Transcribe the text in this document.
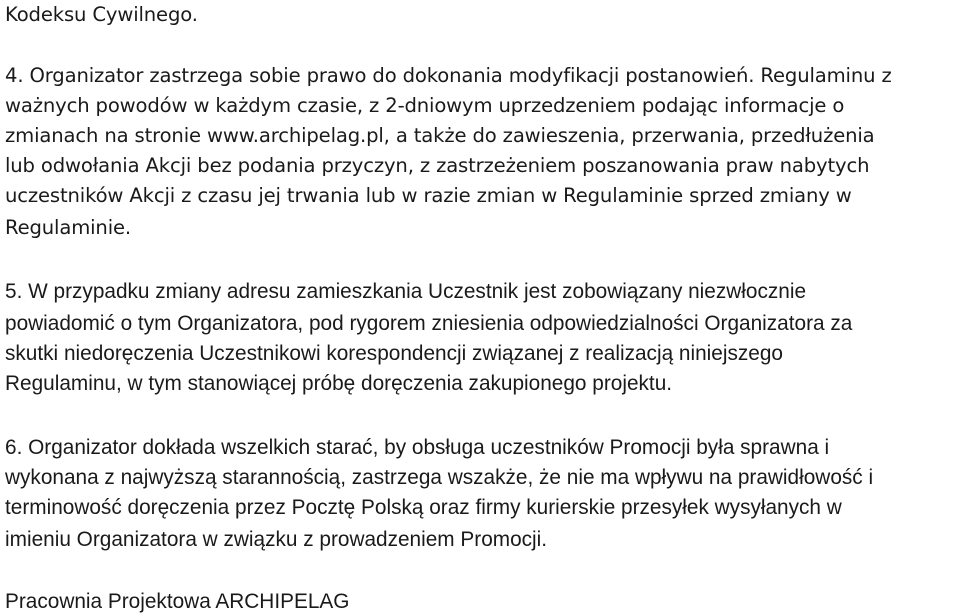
Kodeksu Cywilnego.
4. Organizator zastrzega sobie prawo do dokonania modyfikacji postanowień. Regulaminu z
ważnych powodów w każdym czasie, z 2-dniowym uprzedzeniem podając informacje o
zmianach na stronie www.archipelag.pl, a także do zawieszenia, przerwania, przedłużenia
lub odwołania Akcji bez podania przyczyn, z zastrzeżeniem poszanowania praw nabytych
uczestników Akcji z czasu jej trwania lub w razie zmian w Regulaminie sprzed zmiany w
Regulaminie.
5. W przypadku zmiany adresu zamieszkania Uczestnik jest zobowiązany niezwłocznie
powiadomić o tym Organizatora, pod rygorem zniesienia odpowiedzialności Organizatora za
skutki niedoręczenia Uczestnikowi korespondencji związanej z realizacją niniejszego
Regulaminu, w tym stanowiącej próbę doręczenia zakupionego projektu.
6. Organizator dokłada wszelkich starać, by obsługa uczestników Promocji była sprawna i
wykonana z najwyższą starannością, zastrzega wszakże, że nie ma wpływu na prawidłowość i
terminowość doręczenia przez Pocztę Polską oraz firmy kurierskie przesyłek wysyłanych w
imieniu Organizatora w związku z prowadzeniem Promocji.
Pracownia Projektowa ARCHIPELAG
